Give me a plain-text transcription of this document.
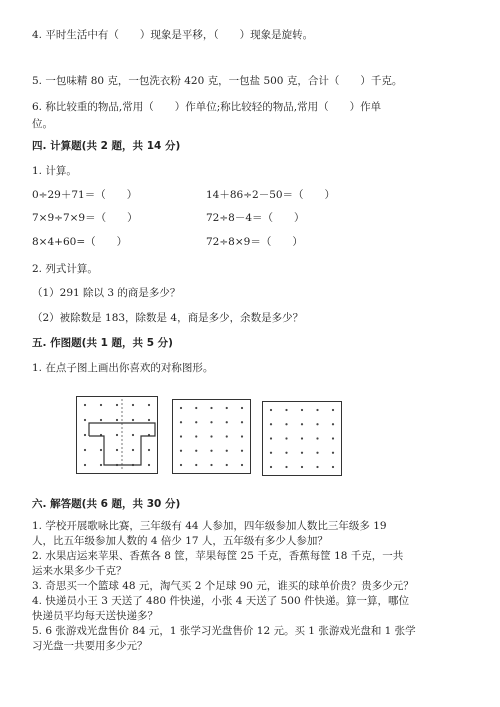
4. 平时生活中有（　　）现象是平移，（　　）现象是旋转。
5. 一包味精 80 克，一包洗衣粉 420 克，一包盐 500 克，合计（　　）千克。
6. 称比较重的物品,常用（　　）作单位;称比较轻的物品,常用（　　）作单
位。
四. 计算题(共 2 题，共 14 分)
1. 计算。
0÷29＋71＝（　　）	14＋86÷2－50＝（　　）
7×9÷7×9＝（　　）	72÷8－4＝（　　）
8×4+60=（　　）	72÷8×9＝（　　）
2. 列式计算。
（1）291 除以 3 的商是多少？
（2）被除数是 183，除数是 4，商是多少，余数是多少？
五. 作图题(共 1 题，共 5 分)
1. 在点子图上画出你喜欢的对称图形。
六. 解答题(共 6 题，共 30 分)
1. 学校开展歌咏比赛，三年级有 44 人参加，四年级参加人数比三年级多 19
人，比五年级参加人数的 4 倍少 17 人，五年级有多少人参加？
2. 水果店运来苹果、香蕉各 8 筐，苹果每筐 25 千克，香蕉每筐 18 千克，一共
运来水果多少千克？
3. 奇思买一个篮球 48 元，淘气买 2 个足球 90 元，谁买的球单价贵？贵多少元？
4. 快递员小王 3 天送了 480 件快递，小张 4 天送了 500 件快递。算一算，哪位
快递员平均每天送快递多？
5. 6 张游戏光盘售价 84 元，1 张学习光盘售价 12 元。买 1 张游戏光盘和 1 张学
习光盘一共要用多少元？
